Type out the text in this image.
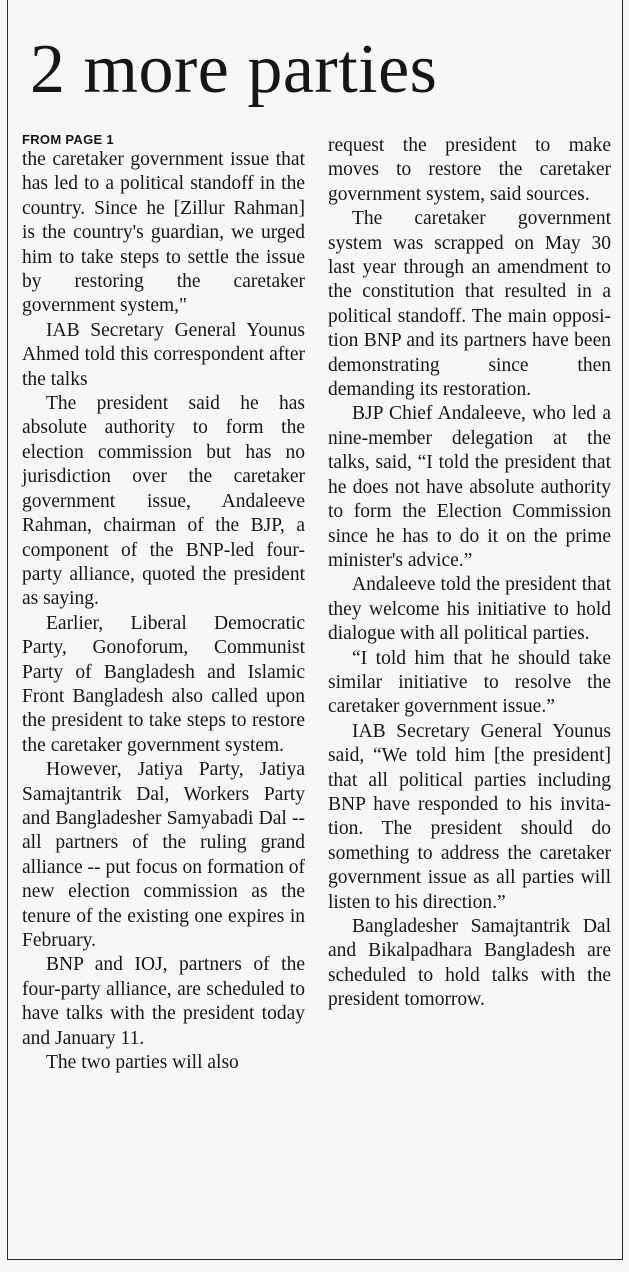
2 more parties
FROM PAGE 1

the caretaker government issue that has led to a political standoff in the country. Since he [Zillur Rahman] is the country's guardian, we urged him to take steps to settle the issue by restoring the caretaker government system,"

IAB Secretary General Younus Ahmed told this correspondent after the talks

The president said he has absolute authority to form the election commission but has no jurisdiction over the caretaker government issue, Andaleeve Rahman, chairman of the BJP, a component of the BNP-led four-party alliance, quoted the president as saying.

Earlier, Liberal Democratic Party, Gonoforum, Communist Party of Bangladesh and Islamic Front Bangladesh also called upon the president to take steps to restore the caretaker government system.

However, Jatiya Party, Jatiya Samajtantrik Dal, Workers Party and Bangladesher Samyabadi Dal -- all partners of the ruling grand alliance -- put focus on formation of new election commission as the tenure of the existing one expires in February.

BNP and IOJ, partners of the four-party alliance, are scheduled to have talks with the president today and January 11.

The two parties will also

request the president to make moves to restore the caretaker government system, said sources.

The caretaker government system was scrapped on May 30 last year through an amendment to the constitution that resulted in a political standoff. The main opposition BNP and its partners have been demonstrating since then demanding its restoration.

BJP Chief Andaleeve, who led a nine-member delegation at the talks, said, “I told the president that he does not have absolute authority to form the Election Commission since he has to do it on the prime minister's advice.”

Andaleeve told the president that they welcome his initiative to hold dialogue with all political parties.

“I told him that he should take similar initiative to resolve the caretaker government issue.”

IAB Secretary General Younus said, “We told him [the president] that all political parties including BNP have responded to his invitation. The president should do something to address the caretaker government issue as all parties will listen to his direction.”

Bangladesher Samajtantrik Dal and Bikalpadhara Bangladesh are scheduled to hold talks with the president tomorrow.
